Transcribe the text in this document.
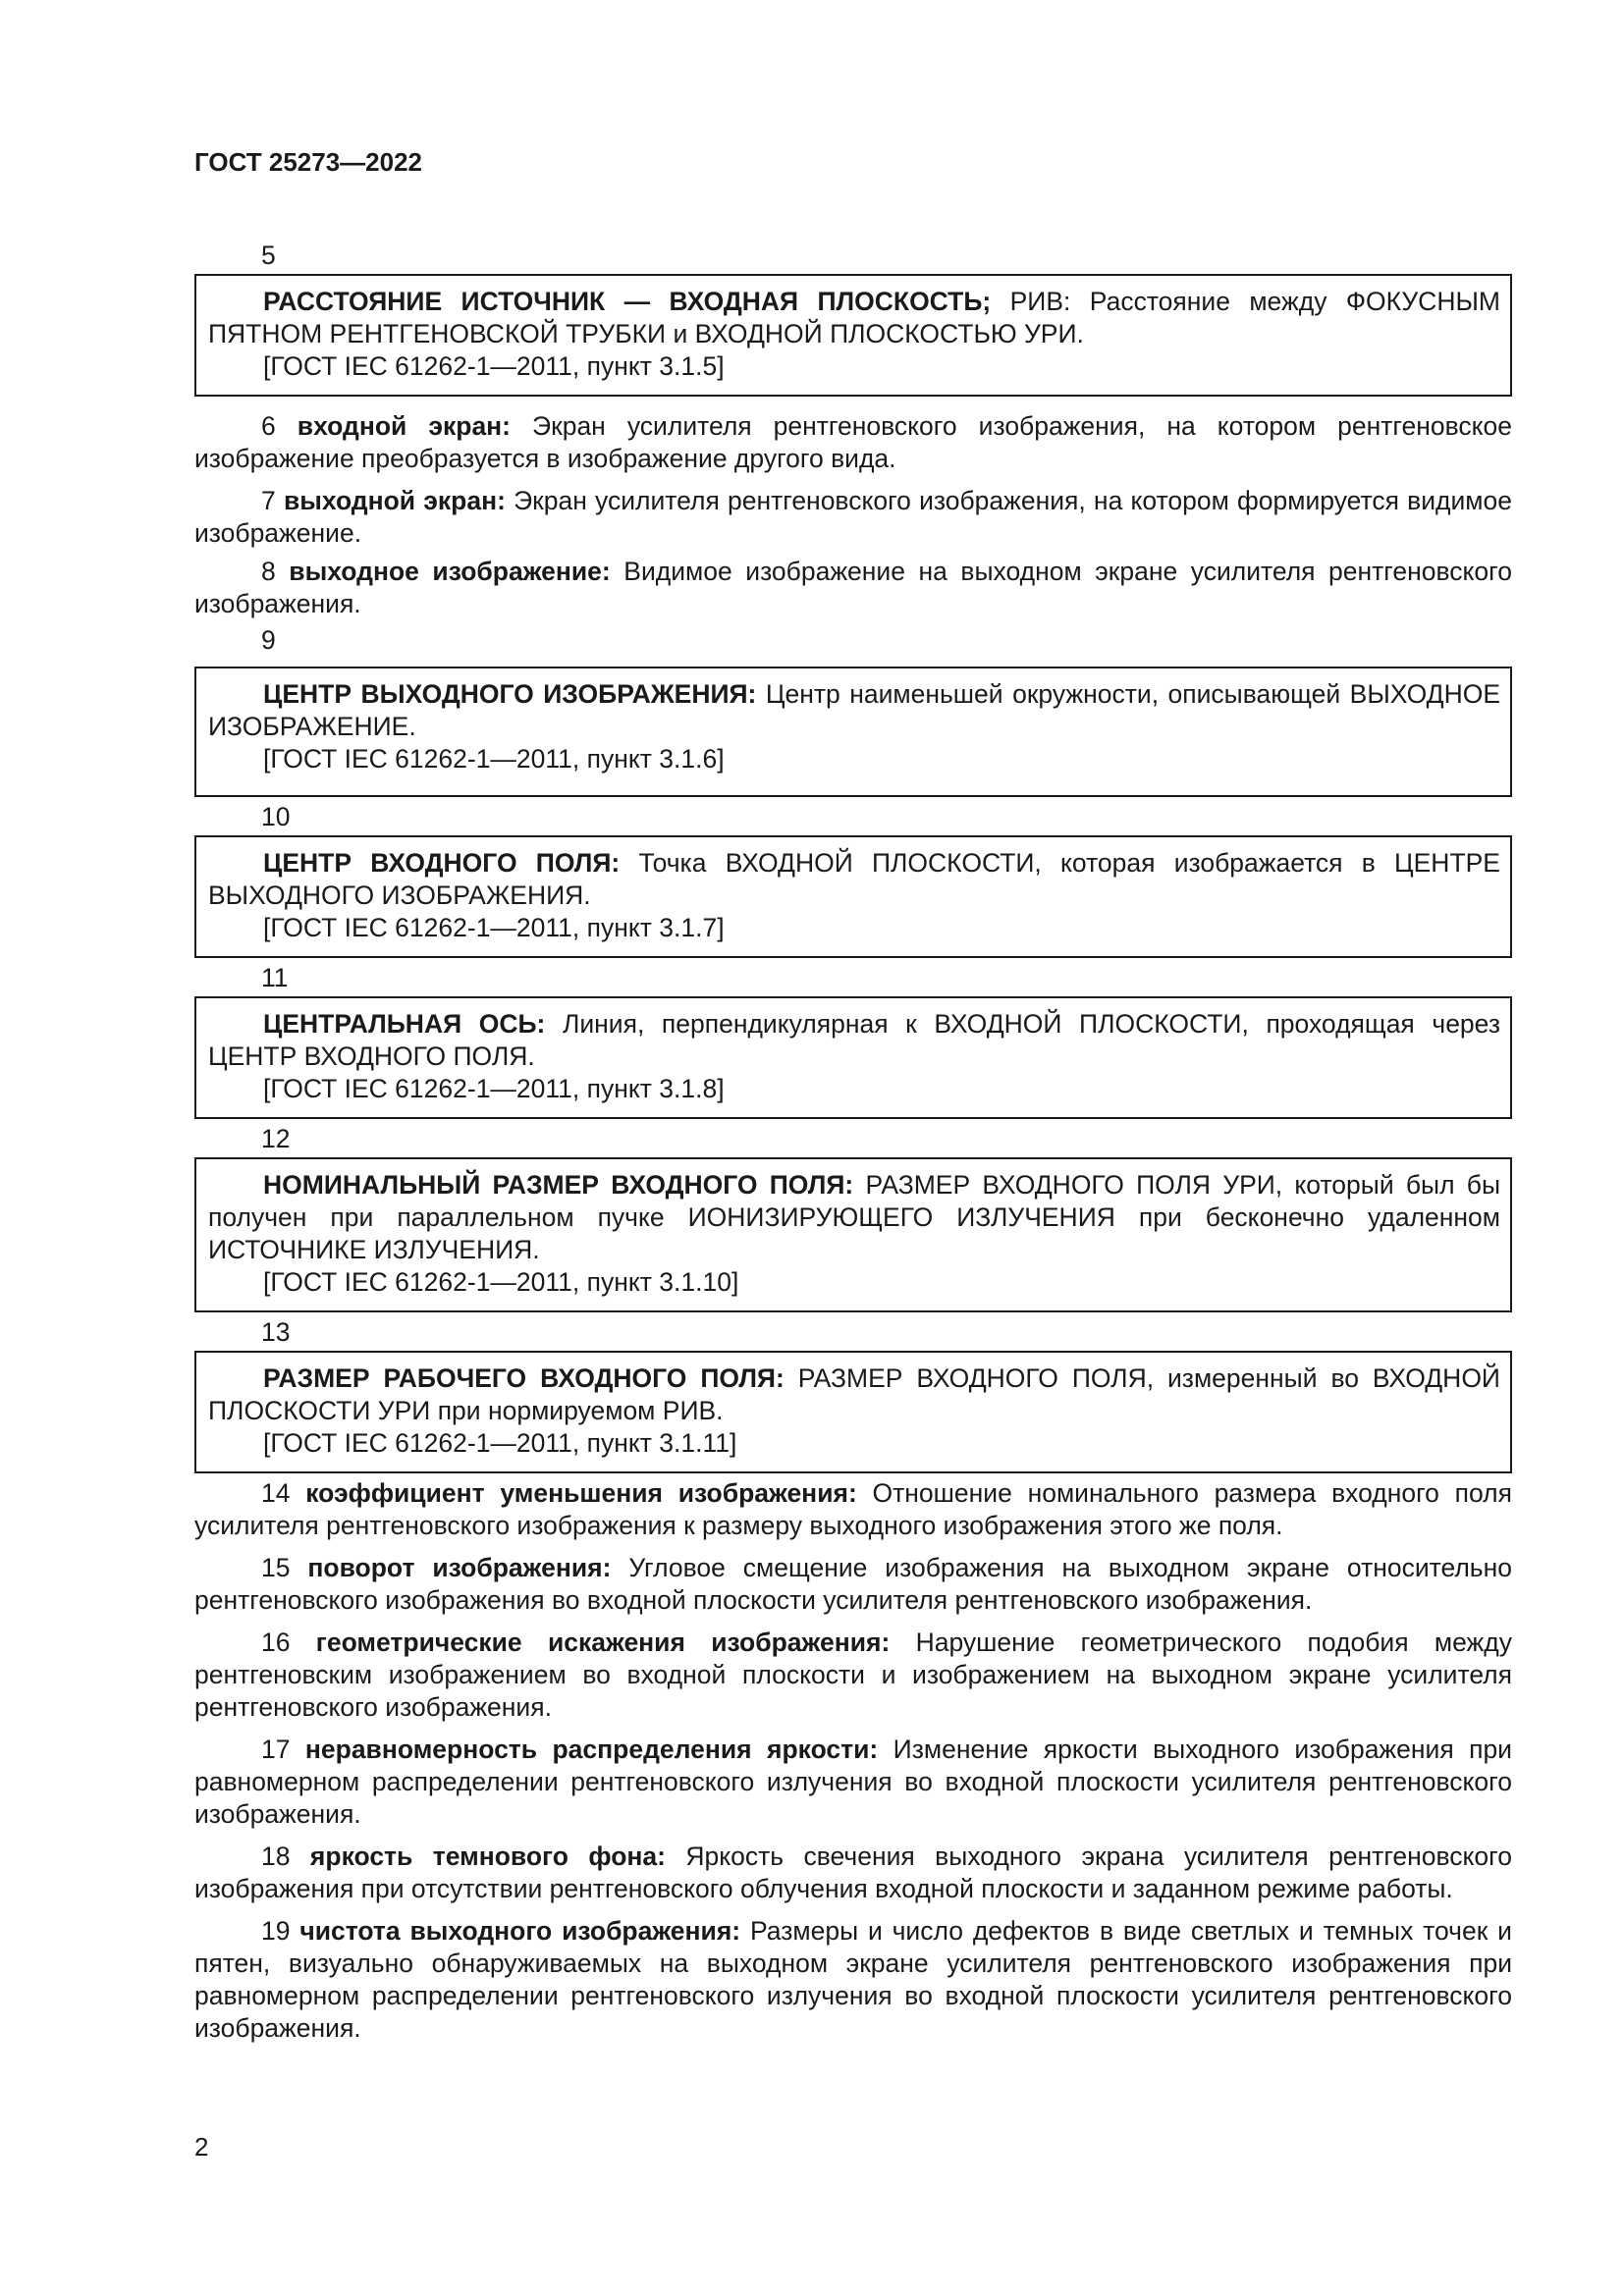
ГОСТ 25273—2022
5

РАССТОЯНИЕ ИСТОЧНИК — ВХОДНАЯ ПЛОСКОСТЬ; РИВ: Расстояние между ФОКУСНЫМ ПЯТНОМ РЕНТГЕНОВСКОЙ ТРУБКИ и ВХОДНОЙ ПЛОСКОСТЬЮ УРИ.

[ГОСТ IEC 61262-1—2011, пункт 3.1.5]

6 входной экран: Экран усилителя рентгеновского изображения, на котором рентгеновское изображение преобразуется в изображение другого вида.

7 выходной экран: Экран усилителя рентгеновского изображения, на котором формируется видимое изображение.

8 выходное изображение: Видимое изображение на выходном экране усилителя рентгеновского изображения.

9

ЦЕНТР ВЫХОДНОГО ИЗОБРАЖЕНИЯ: Центр наименьшей окружности, описывающей ВЫХОДНОЕ ИЗОБРАЖЕНИЕ.

[ГОСТ IEC 61262-1—2011, пункт 3.1.6]

10

ЦЕНТР ВХОДНОГО ПОЛЯ: Точка ВХОДНОЙ ПЛОСКОСТИ, которая изображается в ЦЕНТРЕ ВЫХОДНОГО ИЗОБРАЖЕНИЯ.

[ГОСТ IEC 61262-1—2011, пункт 3.1.7]

11

ЦЕНТРАЛЬНАЯ ОСЬ: Линия, перпендикулярная к ВХОДНОЙ ПЛОСКОСТИ, проходящая через ЦЕНТР ВХОДНОГО ПОЛЯ.

[ГОСТ IEC 61262-1—2011, пункт 3.1.8]

12

НОМИНАЛЬНЫЙ РАЗМЕР ВХОДНОГО ПОЛЯ: РАЗМЕР ВХОДНОГО ПОЛЯ УРИ, который был бы получен при параллельном пучке ИОНИЗИРУЮЩЕГО ИЗЛУЧЕНИЯ при бесконечно удаленном ИСТОЧНИКЕ ИЗЛУЧЕНИЯ.

[ГОСТ IEC 61262-1—2011, пункт 3.1.10]

13

РАЗМЕР РАБОЧЕГО ВХОДНОГО ПОЛЯ: РАЗМЕР ВХОДНОГО ПОЛЯ, измеренный во ВХОДНОЙ ПЛОСКОСТИ УРИ при нормируемом РИВ.

[ГОСТ IEC 61262-1—2011, пункт 3.1.11]

14 коэффициент уменьшения изображения: Отношение номинального размера входного поля усилителя рентгеновского изображения к размеру выходного изображения этого же поля.

15 поворот изображения: Угловое смещение изображения на выходном экране относительно рентгеновского изображения во входной плоскости усилителя рентгеновского изображения.

16 геометрические искажения изображения: Нарушение геометрического подобия между рентгеновским изображением во входной плоскости и изображением на выходном экране усилителя рентгеновского изображения.

17 неравномерность распределения яркости: Изменение яркости выходного изображения при равномерном распределении рентгеновского излучения во входной плоскости усилителя рентгеновского изображения.

18 яркость темнового фона: Яркость свечения выходного экрана усилителя рентгеновского изображения при отсутствии рентгеновского облучения входной плоскости и заданном режиме работы.

19 чистота выходного изображения: Размеры и число дефектов в виде светлых и темных точек и пятен, визуально обнаруживаемых на выходном экране усилителя рентгеновского изображения при равномерном распределении рентгеновского излучения во входной плоскости усилителя рентгеновского изображения.

2
